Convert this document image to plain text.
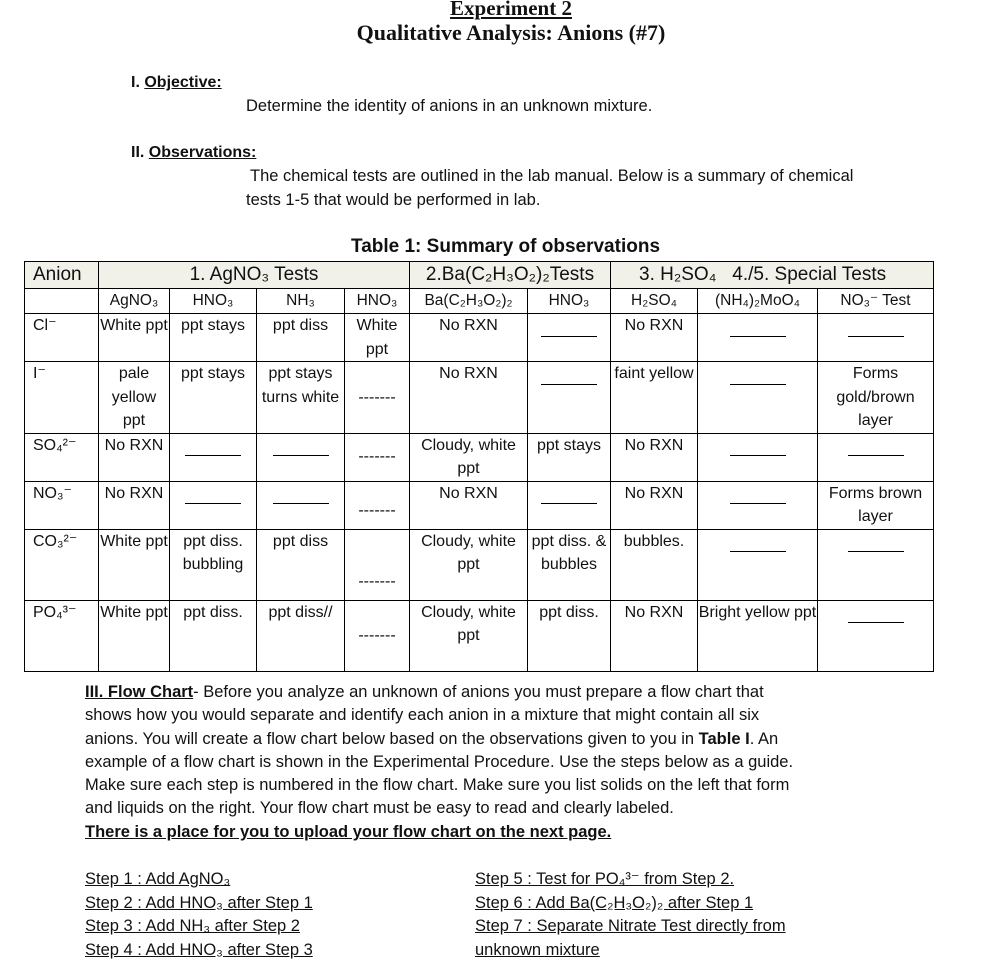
Experiment 2
Qualitative Analysis: Anions (#7)
I. Objective:
Determine the identity of anions in an unknown mixture.
II. Observations:
The chemical tests are outlined in the lab manual. Below is a summary of chemical
tests 1-5 that would be performed in lab.
Table 1: Summary of observations
Anion	1. AgNO₃ Tests				2.Ba(C₂H₃O₂)₂Tests		3. H₂SO₄ 4./5. Special Tests		
	AgNO₃	HNO₃	NH₃	HNO₃	Ba(C₂H₃O₂)₂	HNO₃	H₂SO₄	(NH₄)₂MoO₄	NO₃⁻ Test
Cl⁻	White ppt	ppt stays	ppt diss	White ppt	No RXN		No RXN		
I⁻	pale yellow ppt	ppt stays	ppt stays turns white	-------	No RXN		faint yellow		Forms gold/brown layer
SO₄²⁻	No RXN			-------	Cloudy, white ppt	ppt stays	No RXN		
NO₃⁻	No RXN			-------	No RXN		No RXN		Forms brown layer
CO₃²⁻	White ppt	ppt diss. bubbling	ppt diss	-------	Cloudy, white ppt	ppt diss. & bubbles	bubbles.		
PO₄³⁻	White ppt	ppt diss.	ppt diss//	-------	Cloudy, white ppt	ppt diss.	No RXN	Bright yellow ppt	
III. Flow Chart- Before you analyze an unknown of anions you must prepare a flow chart that
shows how you would separate and identify each anion in a mixture that might contain all six
anions. You will create a flow chart below based on the observations given to you in Table I. An
example of a flow chart is shown in the Experimental Procedure. Use the steps below as a guide.
Make sure each step is numbered in the flow chart. Make sure you list solids on the left that form
and liquids on the right. Your flow chart must be easy to read and clearly labeled.
There is a place for you to upload your flow chart on the next page.
Step 1 : Add AgNO₃
Step 2 : Add HNO₃ after Step 1
Step 3 : Add NH₃ after Step 2
Step 4 : Add HNO₃ after Step 3
Step 5 : Test for PO₄³⁻ from Step 2.
Step 6 : Add Ba(C₂H₃O₂)₂ after Step 1
Step 7 : Separate Nitrate Test directly from
unknown mixture
